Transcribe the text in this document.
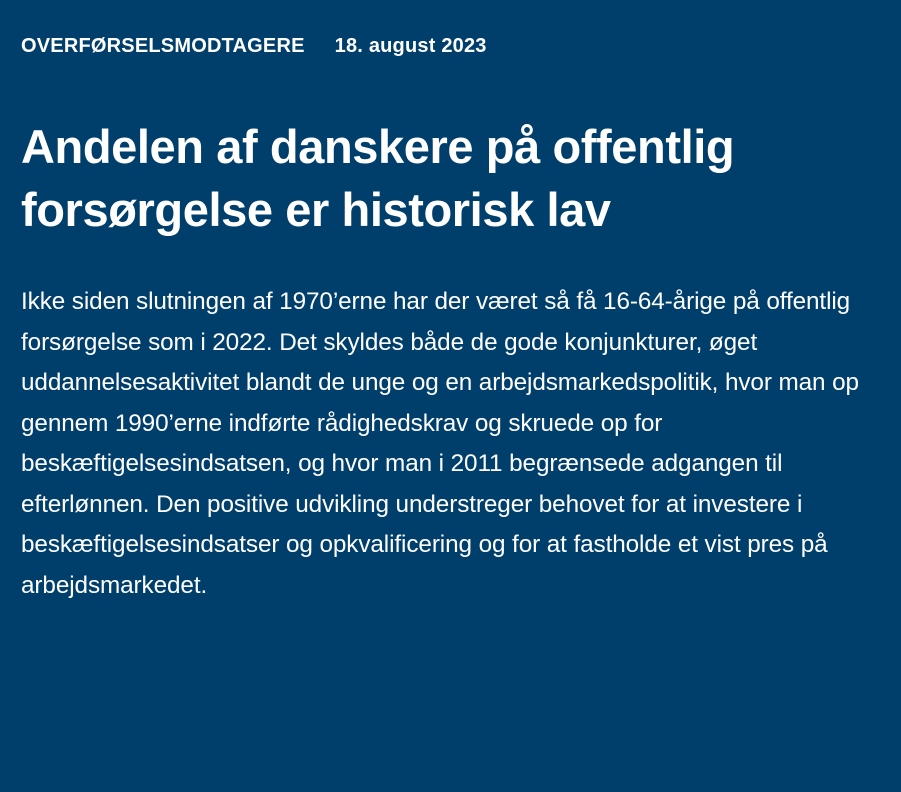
OVERFØRSELSMODTAGERE 18. august 2023
Andelen af danskere på offentlig forsørgelse er historisk lav

Ikke siden slutningen af 1970’erne har der været så få 16-64-årige på offentlig forsørgelse som i 2022. Det skyldes både de gode konjunkturer, øget uddannelsesaktivitet blandt de unge og en arbejdsmarkedspolitik, hvor man op gennem 1990’erne indførte rådighedskrav og skruede op for beskæftigelsesindsatsen, og hvor man i 2011 begrænsede adgangen til efterlønnen. Den positive udvikling understreger behovet for at investere i beskæftigelsesindsatser og opkvalificering og for at fastholde et vist pres på arbejdsmarkedet.
